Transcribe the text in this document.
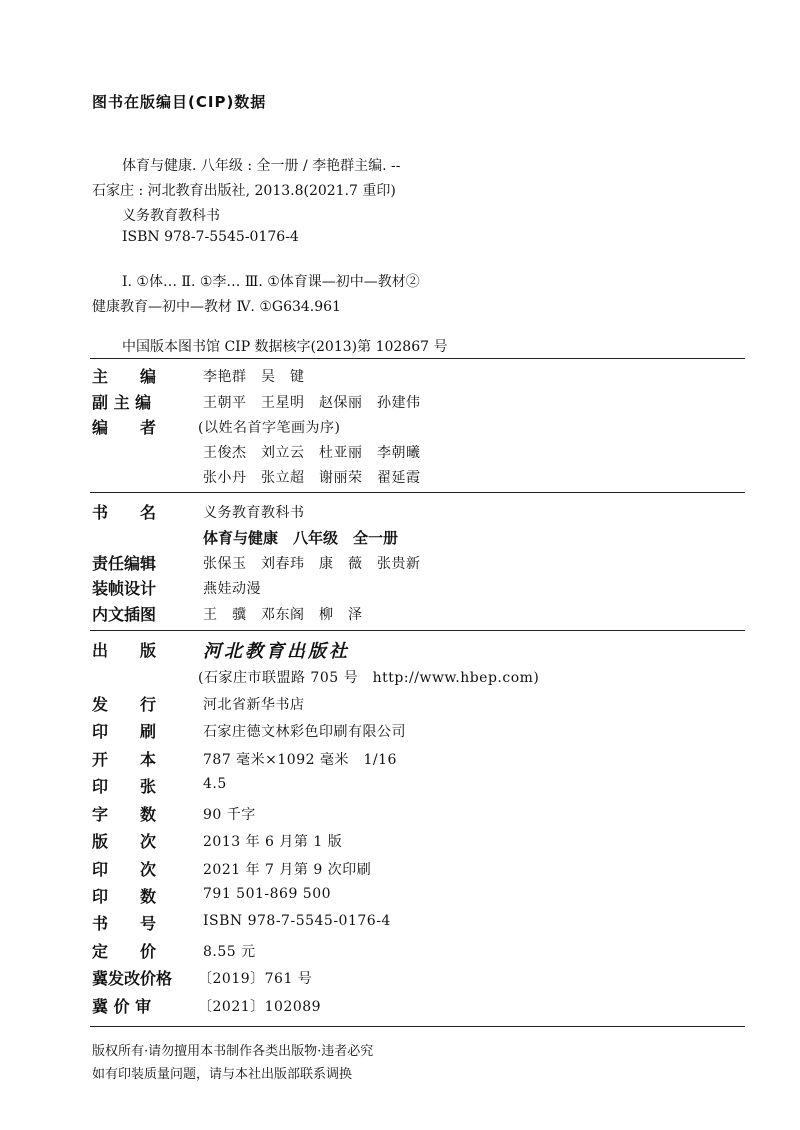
图书在版编目(CIP)数据
体育与健康. 八年级 : 全一册 / 李艳群主编. --
石家庄 : 河北教育出版社, 2013.8(2021.7 重印)
义务教育教科书
ISBN 978-7-5545-0176-4
Ⅰ. ①体… Ⅱ. ①李… Ⅲ. ①体育课—初中—教材②
健康教育—初中—教材 Ⅳ. ①G634.961
中国版本图书馆 CIP 数据核字(2013)第 102867 号
主　　编	李艳群　吴　键
副 主 编	王朝平　王星明　赵保丽　孙建伟
编　　者	(以姓名首字笔画为序)
王俊杰　刘立云　杜亚丽　李朝曦
张小丹　张立超　谢丽荣　翟延霞
书　　名	义务教育教科书
体育与健康　八年级　全一册
责任编辑	张保玉　刘春玮　康　薇　张贵新
装帧设计	燕娃动漫
内文插图	王　骥　邓东阁　柳　泽
出　　版	河北教育出版社
(石家庄市联盟路 705 号　http://www.hbep.com)
发　　行	河北省新华书店
印　　刷	石家庄德文林彩色印刷有限公司
开　　本	787 毫米×1092 毫米　1/16
印　　张	4.5
字　　数	90 千字
版　　次	2013 年 6 月第 1 版
印　　次	2021 年 7 月第 9 次印刷
印　　数	791 501-869 500
书　　号	ISBN 978-7-5545-0176-4
定　　价	8.55 元
冀发改价格 〔2019〕761 号
冀 价 审	〔2021〕102089
版权所有·请勿擅用本书制作各类出版物·违者必究
如有印装质量问题，请与本社出版部联系调换
